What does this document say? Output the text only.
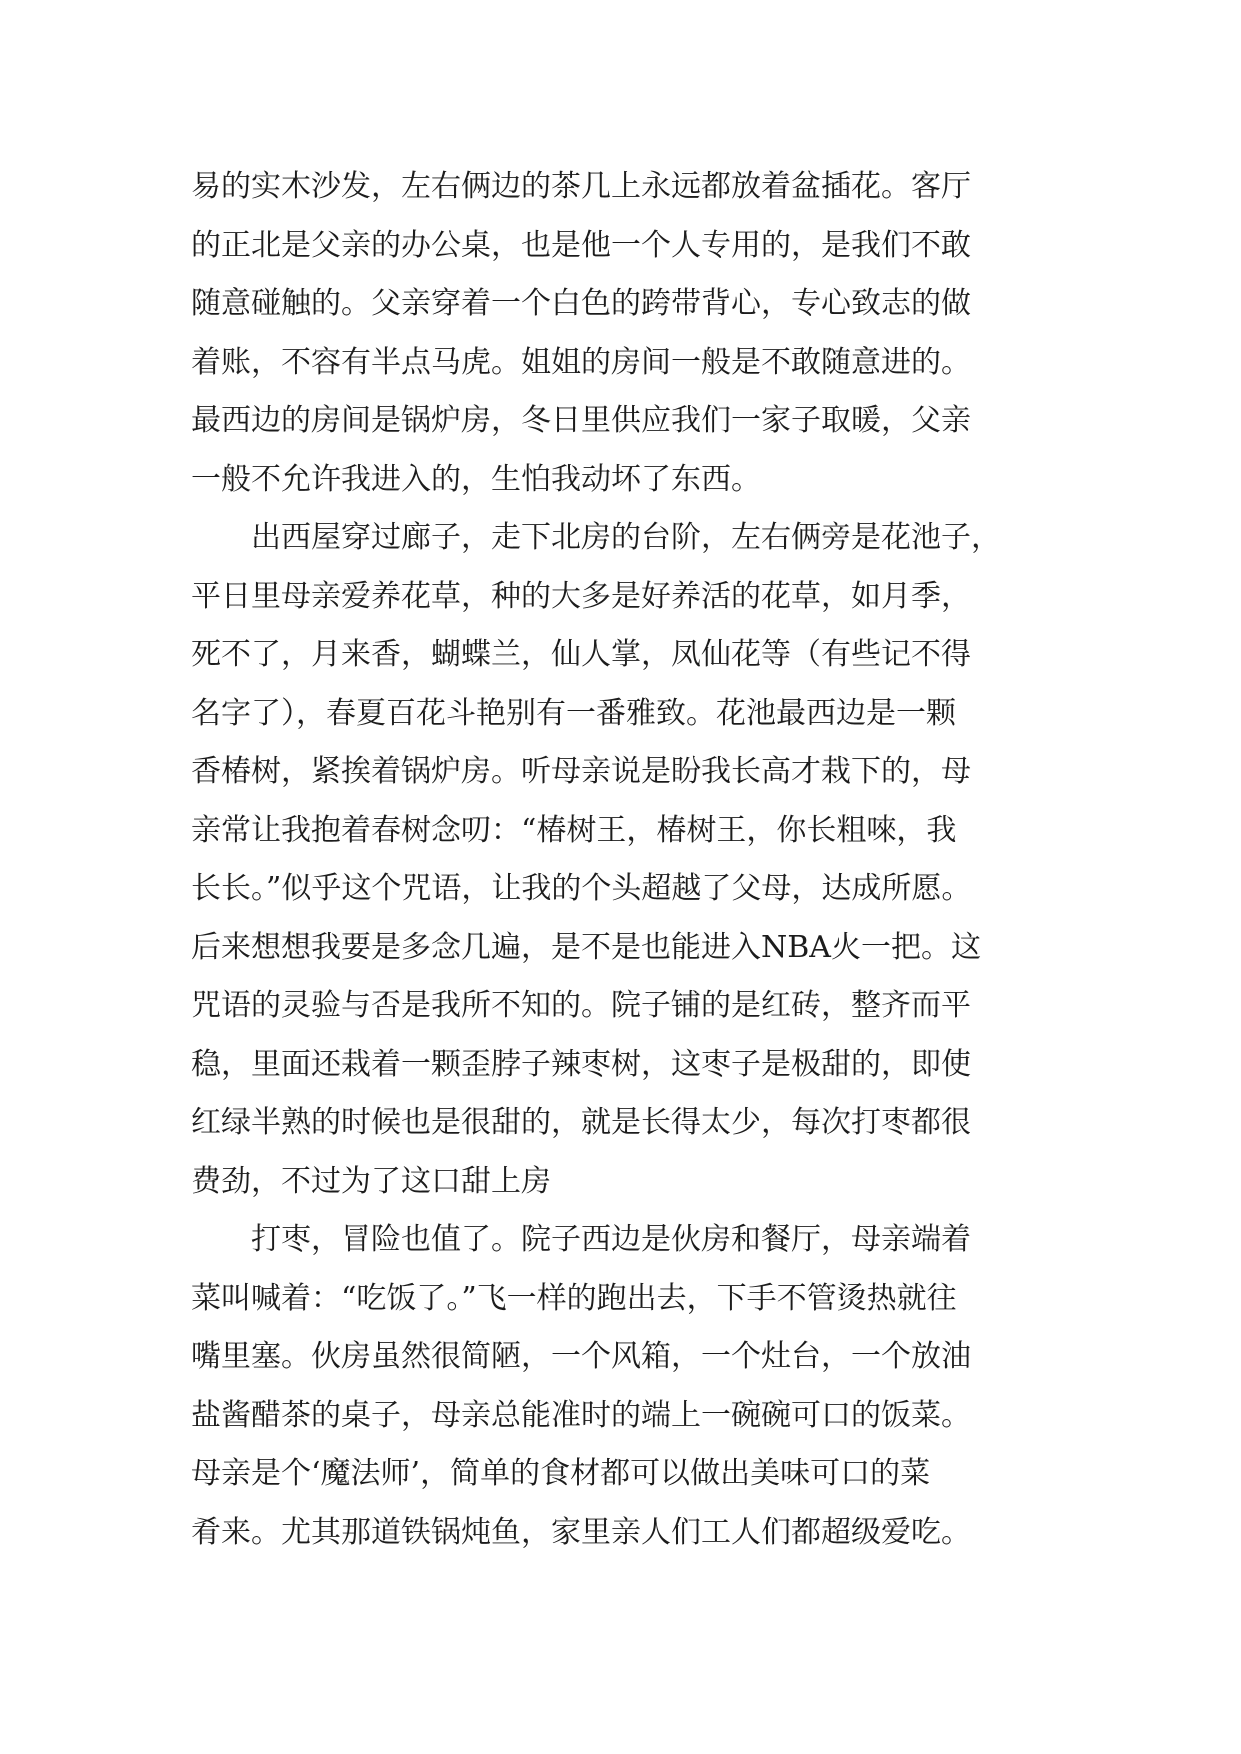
易的实木沙发，左右俩边的茶几上永远都放着盆插花。客厅
的正北是父亲的办公桌，也是他一个人专用的，是我们不敢
随意碰触的。父亲穿着一个白色的跨带背心，专心致志的做
着账，不容有半点马虎。姐姐的房间一般是不敢随意进的。
最西边的房间是锅炉房，冬日里供应我们一家子取暖，父亲
一般不允许我进入的，生怕我动坏了东西。
　　出西屋穿过廊子，走下北房的台阶，左右俩旁是花池子，
平日里母亲爱养花草，种的大多是好养活的花草，如月季，
死不了，月来香，蝴蝶兰，仙人掌，凤仙花等（有些记不得
名字了），春夏百花斗艳别有一番雅致。花池最西边是一颗
香椿树，紧挨着锅炉房。听母亲说是盼我长高才栽下的，母
亲常让我抱着春树念叨：“椿树王，椿树王，你长粗唻，我
长长。”似乎这个咒语，让我的个头超越了父母，达成所愿。
后来想想我要是多念几遍，是不是也能进入NBA火一把。这
咒语的灵验与否是我所不知的。院子铺的是红砖，整齐而平
稳，里面还栽着一颗歪脖子辣枣树，这枣子是极甜的，即使
红绿半熟的时候也是很甜的，就是长得太少，每次打枣都很
费劲，不过为了这口甜上房
　　打枣，冒险也值了。院子西边是伙房和餐厅，母亲端着
菜叫喊着：“吃饭了。”飞一样的跑出去，下手不管烫热就往
嘴里塞。伙房虽然很简陋，一个风箱，一个灶台，一个放油
盐酱醋茶的桌子，母亲总能准时的端上一碗碗可口的饭菜。
母亲是个‘魔法师’，简单的食材都可以做出美味可口的菜
肴来。尤其那道铁锅炖鱼，家里亲人们工人们都超级爱吃。
